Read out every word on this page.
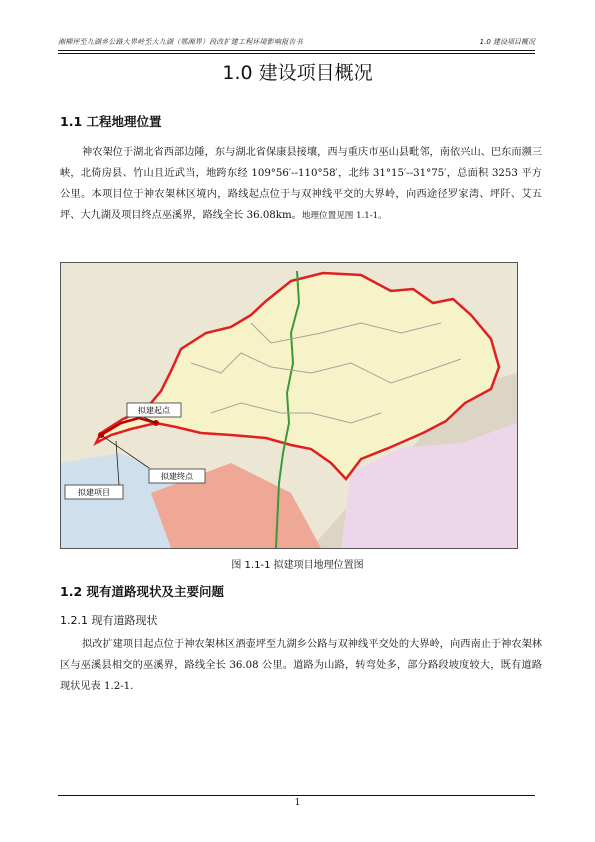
湘柳坪至九湖乡公路大界岭至大九湖（鄂湘界）段改扩建工程环境影响报告书	1.0 建设项目概况
1.0 建设项目概况
1.1 工程地理位置
神农架位于湖北省西部边陲，东与湖北省保康县接壤，西与重庆市巫山县毗邻，南依兴山、巴东而濒三峡，北倚房县、竹山且近武当，地跨东经 109°56′--110°58′，北纬 31°15′--31°75′，总面积 3253 平方公里。本项目位于神农架林区境内，路线起点位于与双神线平交的大界岭，向西途径罗家湾、坪阡、艾五坪、大九湖及项目终点巫溪界，路线全长 36.08km。地理位置见图 1.1-1。
拟建起点
拟建终点
拟建项目
图 1.1-1 拟建项目地理位置图
1.2 现有道路现状及主要问题
1.2.1 现有道路现状
拟改扩建项目起点位于神农架林区酒壶坪至九湖乡公路与双神线平交处的大界岭，向西南止于神农架林区与巫溪县相交的巫溪界，路线全长 36.08 公里。道路为山路，转弯处多，部分路段坡度较大，既有道路现状见表 1.2-1.
1
